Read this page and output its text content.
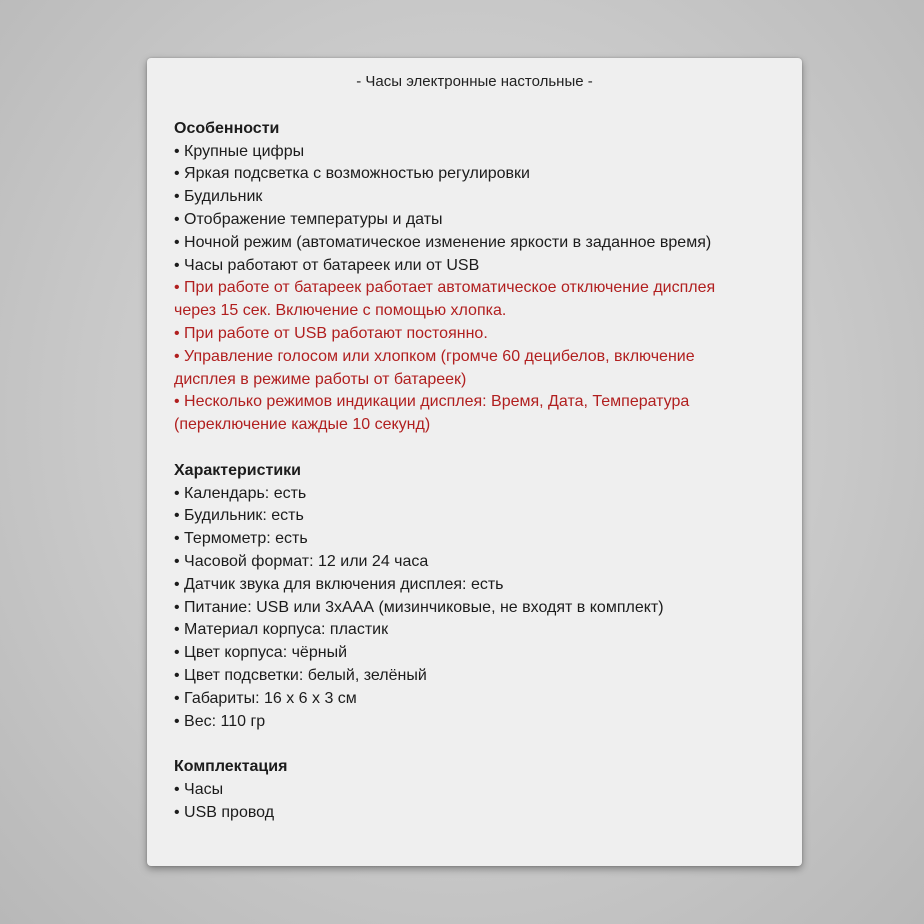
- Часы электронные настольные -
Особенности
• Крупные цифры
• Яркая подсветка с возможностью регулировки
• Будильник
• Отображение температуры и даты
• Ночной режим (автоматическое изменение яркости в заданное время)
• Часы работают от батареек или от USB
• При работе от батареек работает автоматическое отключение дисплея
через 15 сек. Включение с помощью хлопка.
• При работе от USB работают постоянно.
• Управление голосом или хлопком (громче 60 децибелов, включение
дисплея в режиме работы от батареек)
• Несколько режимов индикации дисплея: Время, Дата, Температура
(переключение каждые 10 секунд)
Характеристики
• Календарь: есть
• Будильник: есть
• Термометр: есть
• Часовой формат: 12 или 24 часа
• Датчик звука для включения дисплея: есть
• Питание: USB или 3хААА (мизинчиковые, не входят в комплект)
• Материал корпуса: пластик
• Цвет корпуса: чёрный
• Цвет подсветки: белый, зелёный
• Габариты: 16 х 6 х 3 см
• Вес: 110 гр
Комплектация
• Часы
• USB провод
